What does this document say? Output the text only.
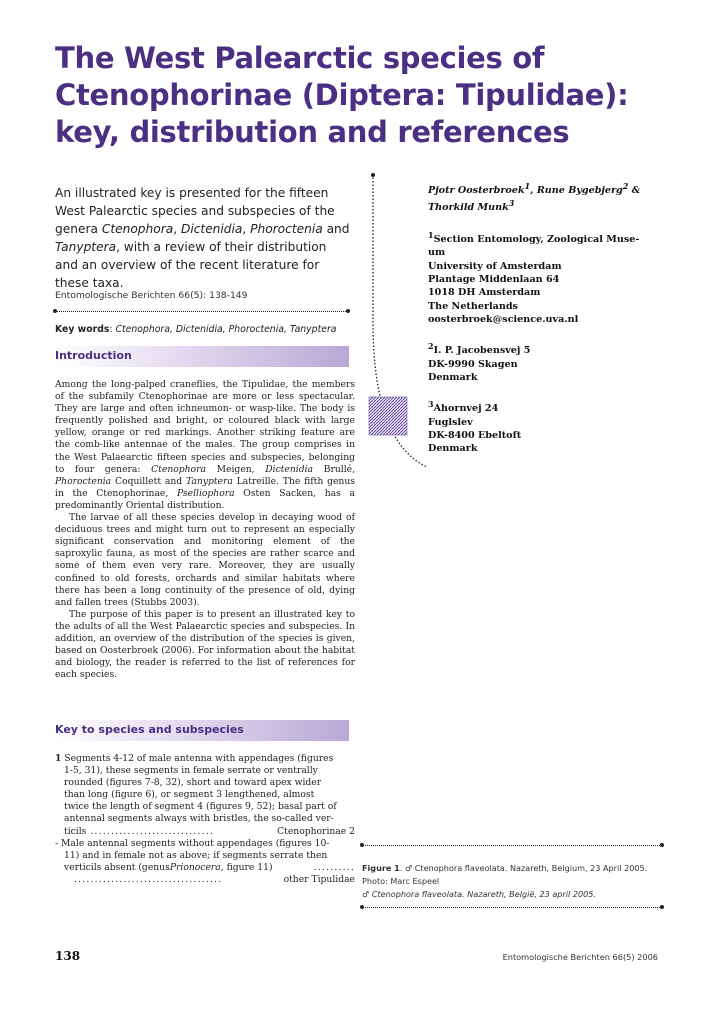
The West Palearctic species of Ctenophorinae (Diptera: Tipulidae): key, distribution and references

An illustrated key is presented for the fifteen West Palearctic species and subspecies of the genera Ctenophora, Dictenidia, Phoroctenia and Tanyptera, with a review of their distribution and an overview of the recent literature for these taxa.

Entomologische Berichten 66(5): 138-149
Key words: Ctenophora, Dictenidia, Phoroctenia, Tanyptera
Introduction

Among the long-palped craneflies, the Tipulidae, the members of the subfamily Ctenophorinae are more or less spectacular. They are large and often ichneumon- or wasp-like. The body is frequently polished and bright, or coloured black with large yellow, orange or red markings. Another striking feature are the comb-like antennae of the males. The group comprises in the West Palaearctic fifteen species and subspecies, belonging to four genera: Ctenophora Meigen, Dictenidia Brullé, Phoroctenia Coquillett and Tanyptera Latreille. The fifth genus in the Ctenophorinae, Pselliophora Osten Sacken, has a predominantly Oriental distribution.

The larvae of all these species develop in decaying wood of deciduous trees and might turn out to represent an especially significant conservation and monitoring element of the saproxylic fauna, as most of the species are rather scarce and some of them even very rare. Moreover, they are usually confined to old forests, orchards and similar habitats where there has been a long continuity of the presence of old, dying and fallen trees (Stubbs 2003).

The purpose of this paper is to present an illustrated key to the adults of all the West Palaearctic species and subspecies. In addition, an overview of the distribution of the species is given, based on Oosterbroek (2006). For information about the habitat and biology, the reader is referred to the list of references for each species.

Key to species and subspecies
1 Segments 4-12 of male antenna with appendages (figures
1-5, 31), these segments in female serrate or ventrally
rounded (figures 7-8, 32), short and toward apex wider
than long (figure 6), or segment 3 lengthened, almost
twice the length of segment 4 (figures 9, 52); basal part of
antennal segments always with bristles, the so-called ver-
ticils ..............................	Ctenophorinae 2
- Male antennal segments without appendages (figures 10-
11) and in female not as above; if segments serrate then
verticils absent (genus Prionocera , figure 11)	..........
....................................	other Tipulidae

Pjotr Oosterbroek$^1$, Rune Bygebjerg$^2$ &
Thorkild Munk$^3$

$^1$Section Entomology, Zoological Muse-

um

University of Amsterdam

Plantage Middenlaan 64

1018 DH Amsterdam

The Netherlands

oosterbroek@science.uva.nl

$^2$I. P. Jacobensvej 5

DK-9990 Skagen

Denmark

$^3$Ahornvej 24

Fuglslev

DK-8400 Ebeltoft

Denmark

Figure 1. ♂ Ctenophora flaveolata. Nazareth, Belgium, 23 April 2005.
Photo: Marc Espeel
♂ Ctenophora flaveolata. Nazareth, België, 23 april 2005.
138	Entomologische Berichten 66(5) 2006
